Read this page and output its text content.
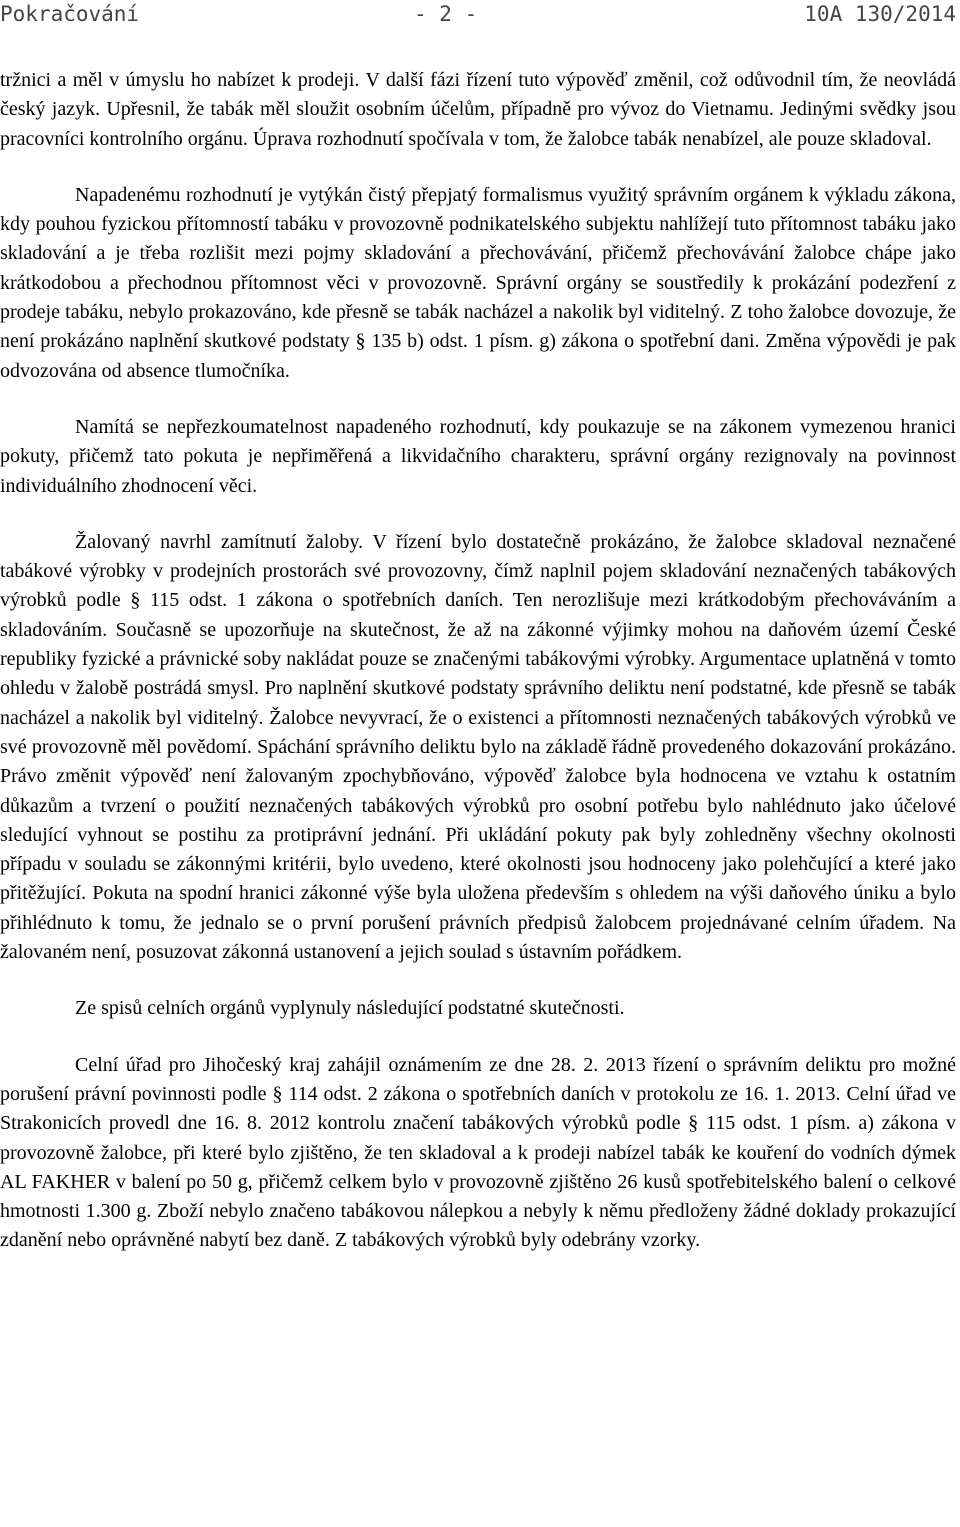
Pokračování	- 2 -	10A 130/2014

tržnici a měl v úmyslu ho nabízet k prodeji. V další fázi řízení tuto výpověď změnil, což odůvodnil tím, že neovládá český jazyk. Upřesnil, že tabák měl sloužit osobním účelům, případně pro vývoz do Vietnamu. Jedinými svědky jsou pracovníci kontrolního orgánu. Úprava rozhodnutí spočívala v tom, že žalobce tabák nenabízel, ale pouze skladoval.

Napadenému rozhodnutí je vytýkán čistý přepjatý formalismus využitý správním orgánem k výkladu zákona, kdy pouhou fyzickou přítomností tabáku v provozovně podnikatelského subjektu nahlížejí tuto přítomnost tabáku jako skladování a je třeba rozlišit mezi pojmy skladování a přechovávání, přičemž přechovávání žalobce chápe jako krátkodobou a přechodnou přítomnost věci v provozovně. Správní orgány se soustředily k prokázání podezření z prodeje tabáku, nebylo prokazováno, kde přesně se tabák nacházel a nakolik byl viditelný. Z toho žalobce dovozuje, že není prokázáno naplnění skutkové podstaty § 135 b) odst. 1 písm. g) zákona o spotřební dani. Změna výpovědi je pak odvozována od absence tlumočníka.

Namítá se nepřezkoumatelnost napadeného rozhodnutí, kdy poukazuje se na zákonem vymezenou hranici pokuty, přičemž tato pokuta je nepřiměřená a likvidačního charakteru, správní orgány rezignovaly na povinnost individuálního zhodnocení věci.

Žalovaný navrhl zamítnutí žaloby. V řízení bylo dostatečně prokázáno, že žalobce skladoval neznačené tabákové výrobky v prodejních prostorách své provozovny, čímž naplnil pojem skladování neznačených tabákových výrobků podle § 115 odst. 1 zákona o spotřebních daních. Ten nerozlišuje mezi krátkodobým přechováváním a skladováním. Současně se upozorňuje na skutečnost, že až na zákonné výjimky mohou na daňovém území České republiky fyzické a právnické soby nakládat pouze se značenými tabákovými výrobky. Argumentace uplatněná v tomto ohledu v žalobě postrádá smysl. Pro naplnění skutkové podstaty správního deliktu není podstatné, kde přesně se tabák nacházel a nakolik byl viditelný. Žalobce nevyvrací, že o existenci a přítomnosti neznačených tabákových výrobků ve své provozovně měl povědomí. Spáchání správního deliktu bylo na základě řádně provedeného dokazování prokázáno. Právo změnit výpověď není žalovaným zpochybňováno, výpověď žalobce byla hodnocena ve vztahu k ostatním důkazům a tvrzení o použití neznačených tabákových výrobků pro osobní potřebu bylo nahlédnuto jako účelové sledující vyhnout se postihu za protiprávní jednání. Při ukládání pokuty pak byly zohledněny všechny okolnosti případu v souladu se zákonnými kritérii, bylo uvedeno, které okolnosti jsou hodnoceny jako polehčující a které jako přitěžující. Pokuta na spodní hranici zákonné výše byla uložena především s ohledem na výši daňového úniku a bylo přihlédnuto k tomu, že jednalo se o první porušení právních předpisů žalobcem projednávané celním úřadem. Na žalovaném není, posuzovat zákonná ustanovení a jejich soulad s ústavním pořádkem.

Ze spisů celních orgánů vyplynuly následující podstatné skutečnosti.

Celní úřad pro Jihočeský kraj zahájil oznámením ze dne 28. 2. 2013 řízení o správním deliktu pro možné porušení právní povinnosti podle § 114 odst. 2 zákona o spotřebních daních v protokolu ze 16. 1. 2013. Celní úřad ve Strakonicích provedl dne 16. 8. 2012 kontrolu značení tabákových výrobků podle § 115 odst. 1 písm. a) zákona v provozovně žalobce, při které bylo zjištěno, že ten skladoval a k prodeji nabízel tabák ke kouření do vodních dýmek AL FAKHER v balení po 50 g, přičemž celkem bylo v provozovně zjištěno 26 kusů spotřebitelského balení o celkové hmotnosti 1.300 g. Zboží nebylo značeno tabákovou nálepkou a nebyly k němu předloženy žádné doklady prokazující zdanění nebo oprávněné nabytí bez daně. Z tabákových výrobků byly odebrány vzorky.
